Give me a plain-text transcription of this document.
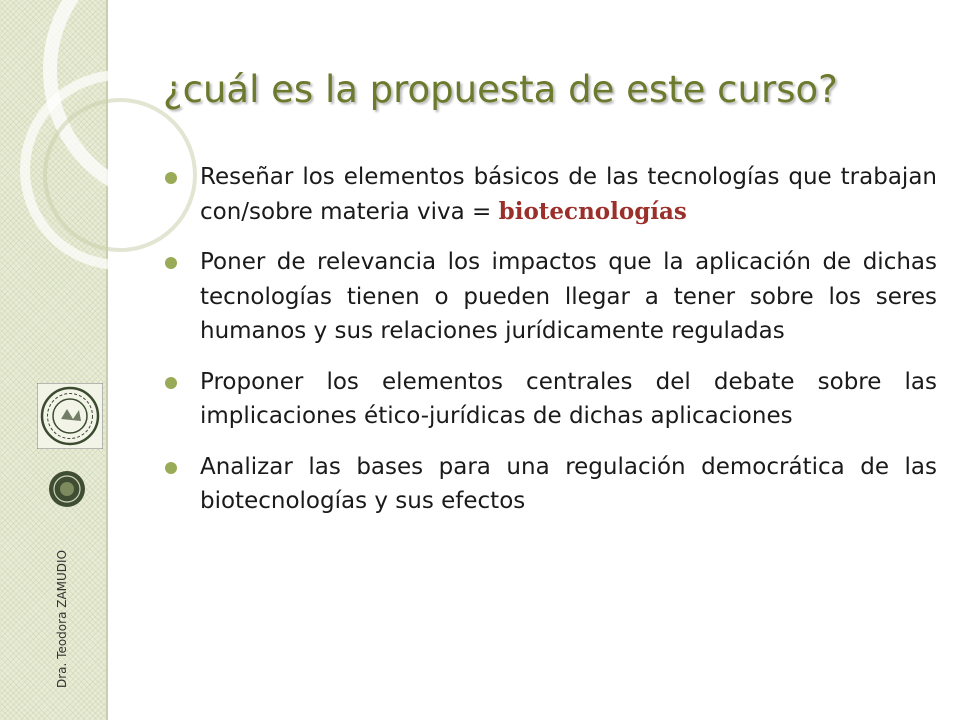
Dra. Teodora ZAMUDIO
¿cuál es la propuesta de este curso?
Reseñar los elementos básicos de las tecnologías que trabajan con/sobre materia viva = biotecnologías
Poner de relevancia los impactos que la aplicación de dichas tecnologías tienen o pueden llegar a tener sobre los seres humanos y sus relaciones jurídicamente reguladas
Proponer los elementos centrales del debate sobre las implicaciones ético-jurídicas de dichas aplicaciones
Analizar las bases para una regulación democrática de las biotecnologías y sus efectos
